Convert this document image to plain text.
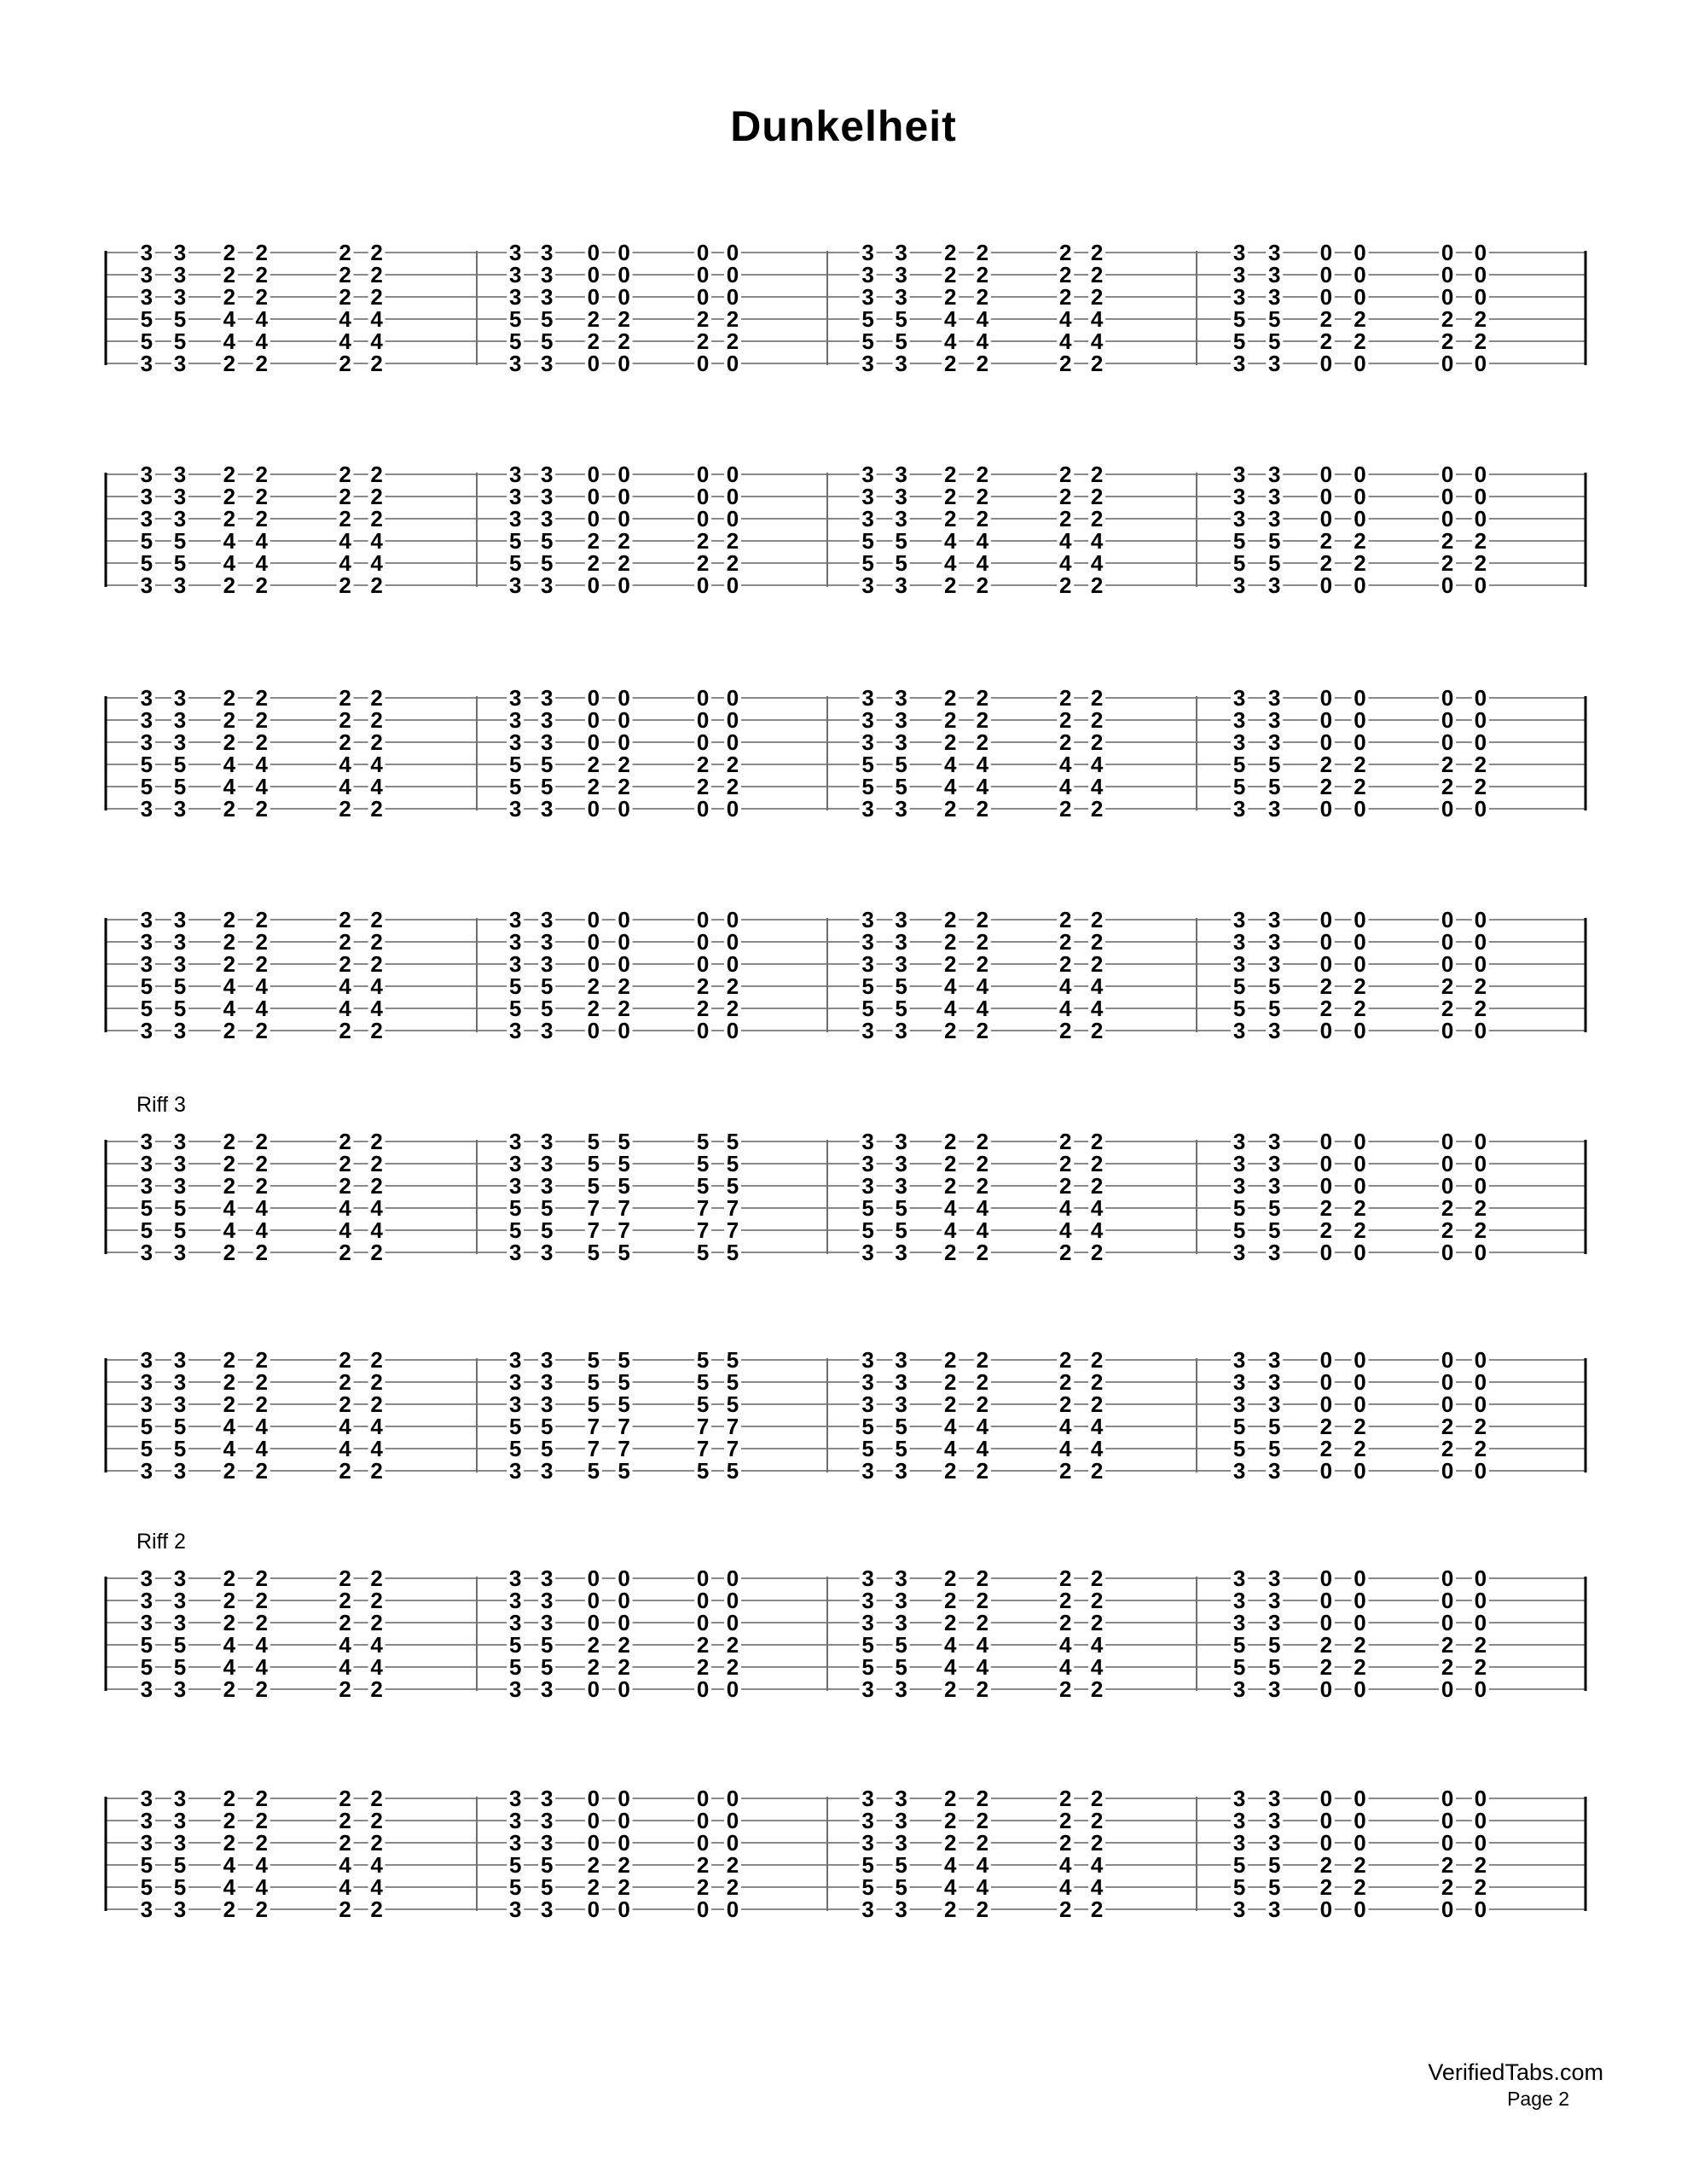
Dunkelheit
3
3
3
5
5
3
3
3
3
5
5
3
2
2
2
4
4
2
2
2
2
4
4
2
2
2
2
4
4
2
2
2
2
4
4
2
3
3
3
5
5
3
3
3
3
5
5
3
0
0
0
2
2
0
0
0
0
2
2
0
0
0
0
2
2
0
0
0
0
2
2
0
3
3
3
5
5
3
3
3
3
5
5
3
2
2
2
4
4
2
2
2
2
4
4
2
2
2
2
4
4
2
2
2
2
4
4
2
3
3
3
5
5
3
3
3
3
5
5
3
0
0
0
2
2
0
0
0
0
2
2
0
0
0
0
2
2
0
0
0
0
2
2
0
3
3
3
5
5
3
3
3
3
5
5
3
2
2
2
4
4
2
2
2
2
4
4
2
2
2
2
4
4
2
2
2
2
4
4
2
3
3
3
5
5
3
3
3
3
5
5
3
0
0
0
2
2
0
0
0
0
2
2
0
0
0
0
2
2
0
0
0
0
2
2
0
3
3
3
5
5
3
3
3
3
5
5
3
2
2
2
4
4
2
2
2
2
4
4
2
2
2
2
4
4
2
2
2
2
4
4
2
3
3
3
5
5
3
3
3
3
5
5
3
0
0
0
2
2
0
0
0
0
2
2
0
0
0
0
2
2
0
0
0
0
2
2
0
3
3
3
5
5
3
3
3
3
5
5
3
2
2
2
4
4
2
2
2
2
4
4
2
2
2
2
4
4
2
2
2
2
4
4
2
3
3
3
5
5
3
3
3
3
5
5
3
0
0
0
2
2
0
0
0
0
2
2
0
0
0
0
2
2
0
0
0
0
2
2
0
3
3
3
5
5
3
3
3
3
5
5
3
2
2
2
4
4
2
2
2
2
4
4
2
2
2
2
4
4
2
2
2
2
4
4
2
3
3
3
5
5
3
3
3
3
5
5
3
0
0
0
2
2
0
0
0
0
2
2
0
0
0
0
2
2
0
0
0
0
2
2
0
3
3
3
5
5
3
3
3
3
5
5
3
2
2
2
4
4
2
2
2
2
4
4
2
2
2
2
4
4
2
2
2
2
4
4
2
3
3
3
5
5
3
3
3
3
5
5
3
0
0
0
2
2
0
0
0
0
2
2
0
0
0
0
2
2
0
0
0
0
2
2
0
3
3
3
5
5
3
3
3
3
5
5
3
2
2
2
4
4
2
2
2
2
4
4
2
2
2
2
4
4
2
2
2
2
4
4
2
3
3
3
5
5
3
3
3
3
5
5
3
0
0
0
2
2
0
0
0
0
2
2
0
0
0
0
2
2
0
0
0
0
2
2
0
Riff 3
3
3
3
5
5
3
3
3
3
5
5
3
2
2
2
4
4
2
2
2
2
4
4
2
2
2
2
4
4
2
2
2
2
4
4
2
3
3
3
5
5
3
3
3
3
5
5
3
5
5
5
7
7
5
5
5
5
7
7
5
5
5
5
7
7
5
5
5
5
7
7
5
3
3
3
5
5
3
3
3
3
5
5
3
2
2
2
4
4
2
2
2
2
4
4
2
2
2
2
4
4
2
2
2
2
4
4
2
3
3
3
5
5
3
3
3
3
5
5
3
0
0
0
2
2
0
0
0
0
2
2
0
0
0
0
2
2
0
0
0
0
2
2
0
3
3
3
5
5
3
3
3
3
5
5
3
2
2
2
4
4
2
2
2
2
4
4
2
2
2
2
4
4
2
2
2
2
4
4
2
3
3
3
5
5
3
3
3
3
5
5
3
5
5
5
7
7
5
5
5
5
7
7
5
5
5
5
7
7
5
5
5
5
7
7
5
3
3
3
5
5
3
3
3
3
5
5
3
2
2
2
4
4
2
2
2
2
4
4
2
2
2
2
4
4
2
2
2
2
4
4
2
3
3
3
5
5
3
3
3
3
5
5
3
0
0
0
2
2
0
0
0
0
2
2
0
0
0
0
2
2
0
0
0
0
2
2
0
Riff 2
3
3
3
5
5
3
3
3
3
5
5
3
2
2
2
4
4
2
2
2
2
4
4
2
2
2
2
4
4
2
2
2
2
4
4
2
3
3
3
5
5
3
3
3
3
5
5
3
0
0
0
2
2
0
0
0
0
2
2
0
0
0
0
2
2
0
0
0
0
2
2
0
3
3
3
5
5
3
3
3
3
5
5
3
2
2
2
4
4
2
2
2
2
4
4
2
2
2
2
4
4
2
2
2
2
4
4
2
3
3
3
5
5
3
3
3
3
5
5
3
0
0
0
2
2
0
0
0
0
2
2
0
0
0
0
2
2
0
0
0
0
2
2
0
3
3
3
5
5
3
3
3
3
5
5
3
2
2
2
4
4
2
2
2
2
4
4
2
2
2
2
4
4
2
2
2
2
4
4
2
3
3
3
5
5
3
3
3
3
5
5
3
0
0
0
2
2
0
0
0
0
2
2
0
0
0
0
2
2
0
0
0
0
2
2
0
3
3
3
5
5
3
3
3
3
5
5
3
2
2
2
4
4
2
2
2
2
4
4
2
2
2
2
4
4
2
2
2
2
4
4
2
3
3
3
5
5
3
3
3
3
5
5
3
0
0
0
2
2
0
0
0
0
2
2
0
0
0
0
2
2
0
0
0
0
2
2
0
VerifiedTabs.com
Page 2
